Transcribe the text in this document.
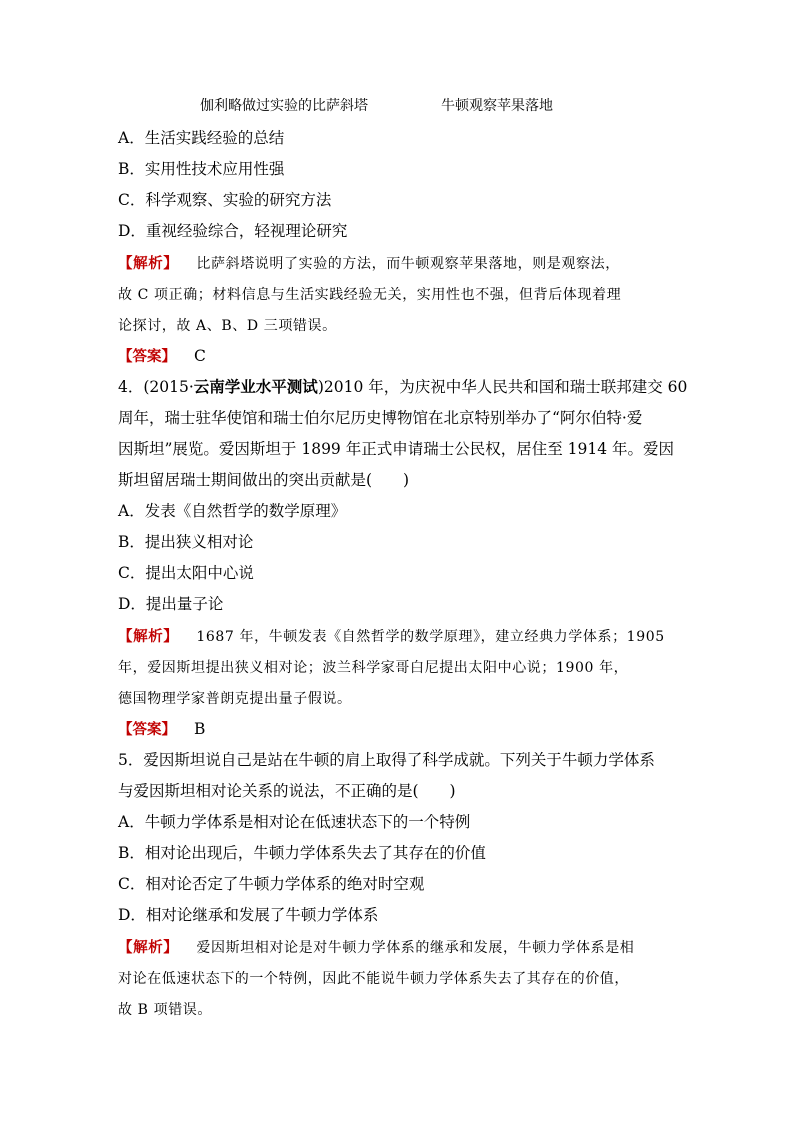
伽利略做过实验的比萨斜塔	牛顿观察苹果落地
A．生活实践经验的总结
B．实用性技术应用性强
C．科学观察、实验的研究方法
D．重视经验综合，轻视理论研究
【解析】 比萨斜塔说明了实验的方法，而牛顿观察苹果落地，则是观察法，
故 C 项正确；材料信息与生活实践经验无关，实用性也不强，但背后体现着理
论探讨，故 A、B、D 三项错误。
【答案】 C
4．(2015·云南学业水平测试)2010 年，为庆祝中华人民共和国和瑞士联邦建交 60
周年，瑞士驻华使馆和瑞士伯尔尼历史博物馆在北京特别举办了“阿尔伯特·爱
因斯坦”展览。爱因斯坦于 1899 年正式申请瑞士公民权，居住至 1914 年。爱因
斯坦留居瑞士期间做出的突出贡献是(　　)
A．发表《自然哲学的数学原理》
B．提出狭义相对论
C．提出太阳中心说
D．提出量子论
【解析】 1687 年，牛顿发表《自然哲学的数学原理》，建立经典力学体系；1905
年，爱因斯坦提出狭义相对论；波兰科学家哥白尼提出太阳中心说；1900 年，
德国物理学家普朗克提出量子假说。
【答案】 B
5．爱因斯坦说自己是站在牛顿的肩上取得了科学成就。下列关于牛顿力学体系
与爱因斯坦相对论关系的说法，不正确的是(　　)
A．牛顿力学体系是相对论在低速状态下的一个特例
B．相对论出现后，牛顿力学体系失去了其存在的价值
C．相对论否定了牛顿力学体系的绝对时空观
D．相对论继承和发展了牛顿力学体系
【解析】 爱因斯坦相对论是对牛顿力学体系的继承和发展，牛顿力学体系是相
对论在低速状态下的一个特例，因此不能说牛顿力学体系失去了其存在的价值，
故 B 项错误。
